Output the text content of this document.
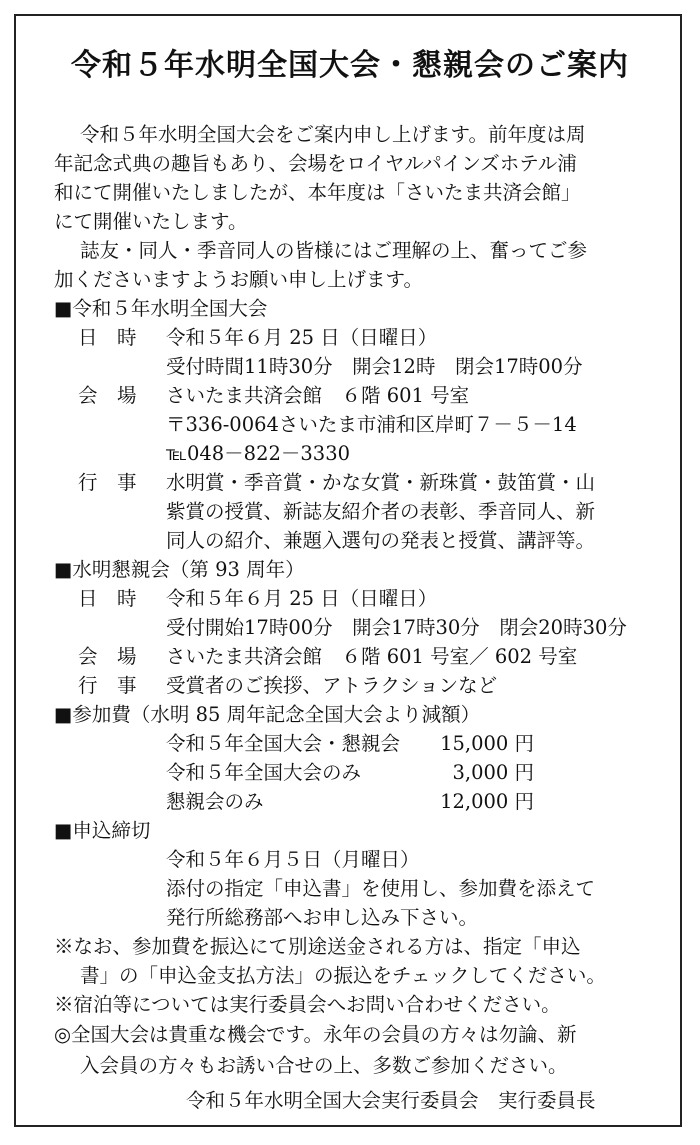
令和５年水明全国大会・懇親会のご案内
令和５年水明全国大会をご案内申し上げます。前年度は周
年記念式典の趣旨もあり、会場をロイヤルパインズホテル浦
和にて開催いたしましたが、本年度は「さいたま共済会館」
にて開催いたします。
誌友・同人・季音同人の皆様にはご理解の上、奮ってご参
加くださいますようお願い申し上げます。
■令和５年水明全国大会
日　時 令和５年６月 25 日（日曜日）
受付時間11時30分　開会12時　閉会17時00分
会　場 さいたま共済会館　６階 601 号室
〒336-0064さいたま市浦和区岸町７－５－14
℡048－822－3330
行　事 水明賞・季音賞・かな女賞・新珠賞・鼓笛賞・山
紫賞の授賞、新誌友紹介者の表彰、季音同人、新
同人の紹介、兼題入選句の発表と授賞、講評等。
■水明懇親会（第 93 周年）
日　時 令和５年６月 25 日（日曜日）
受付開始17時00分　開会17時30分　閉会20時30分
会　場 さいたま共済会館　６階 601 号室／ 602 号室
行　事 受賞者のご挨拶、アトラクションなど
■参加費（水明 85 周年記念全国大会より減額）
令和５年全国大会・懇親会	15,000 円
令和５年全国大会のみ	3,000 円
懇親会のみ	12,000 円
■申込締切
令和５年６月５日（月曜日）
添付の指定「申込書」を使用し、参加費を添えて
発行所総務部へお申し込み下さい。
※なお、参加費を振込にて別途送金される方は、指定「申込
書」の「申込金支払方法」の振込をチェックしてください。
※宿泊等については実行委員会へお問い合わせください。
◎全国大会は貴重な機会です。永年の会員の方々は勿論、新
入会員の方々もお誘い合せの上、多数ご参加ください。
令和５年水明全国大会実行委員会　実行委員長
